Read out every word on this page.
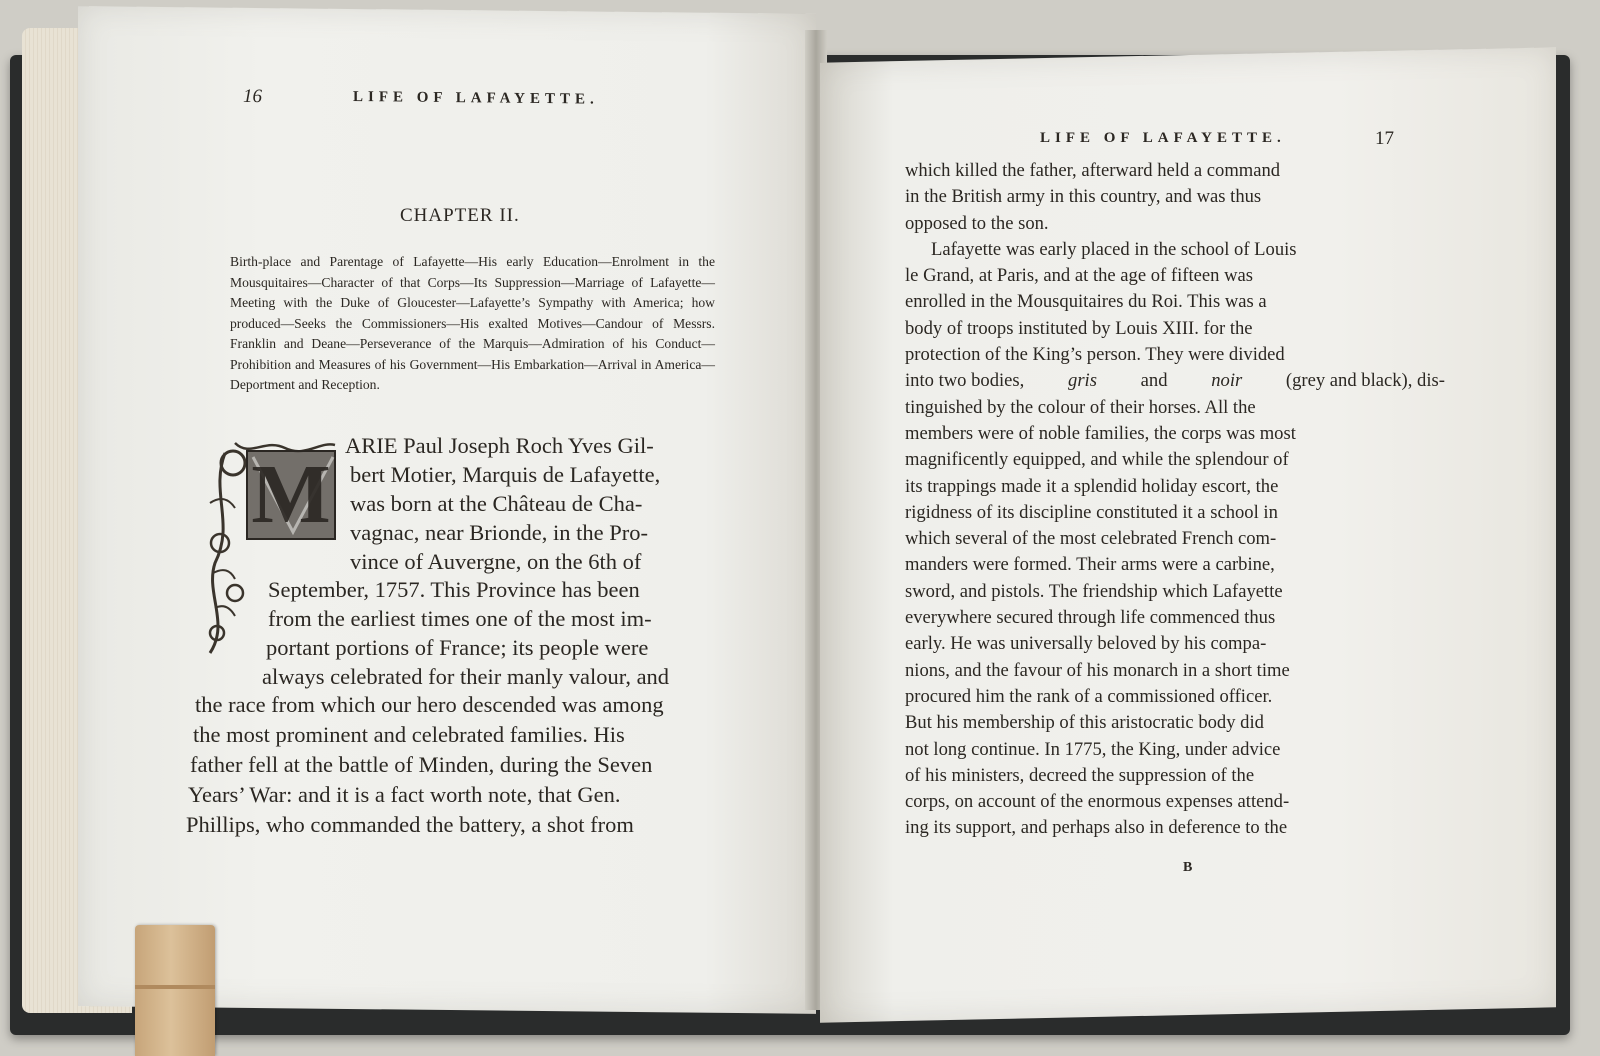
16	LIFE OF LAFAYETTE.
CHAPTER II.

Birth-place and Parentage of Lafayette—His early Education—Enrolment in the Mousquitaires—Character of that Corps—Its Suppression—Marriage of Lafayette—Meeting with the Duke of Gloucester—Lafayette’s Sympathy with America; how produced—Seeks the Commissioners—His exalted Motives—Candour of Messrs. Franklin and Deane—Perseverance of the Marquis—Admiration of his Conduct—Prohibition and Measures of his Government—His Embarkation—Arrival in America—Deportment and Reception.

M
ARIE Paul Joseph Roch Yves Gil-
bert Motier, Marquis de Lafayette,
was born at the Château de Cha-
vagnac, near Brionde, in the Pro-
vince of Auvergne, on the 6th of
September, 1757. This Province has been
from the earliest times one of the most im-
portant portions of France; its people were
always celebrated for their manly valour, and
the race from which our hero descended was among
the most prominent and celebrated families. His
father fell at the battle of Minden, during the Seven
Years’ War: and it is a fact worth note, that Gen.
Phillips, who commanded the battery, a shot from
LIFE OF LAFAYETTE.	17
which killed the father, afterward held a command
in the British army in this country, and was thus
opposed to the son.
Lafayette was early placed in the school of Louis
le Grand, at Paris, and at the age of fifteen was
enrolled in the Mousquitaires du Roi. This was a
body of troops instituted by Louis XIII. for the
protection of the King’s person. They were divided
into two bodies, gris and noir (grey and black), dis-
tinguished by the colour of their horses. All the
members were of noble families, the corps was most
magnificently equipped, and while the splendour of
its trappings made it a splendid holiday escort, the
rigidness of its discipline constituted it a school in
which several of the most celebrated French com-
manders were formed. Their arms were a carbine,
sword, and pistols. The friendship which Lafayette
everywhere secured through life commenced thus
early. He was universally beloved by his compa-
nions, and the favour of his monarch in a short time
procured him the rank of a commissioned officer.
But his membership of this aristocratic body did
not long continue. In 1775, the King, under advice
of his ministers, decreed the suppression of the
corps, on account of the enormous expenses attend-
ing its support, and perhaps also in deference to the
B
